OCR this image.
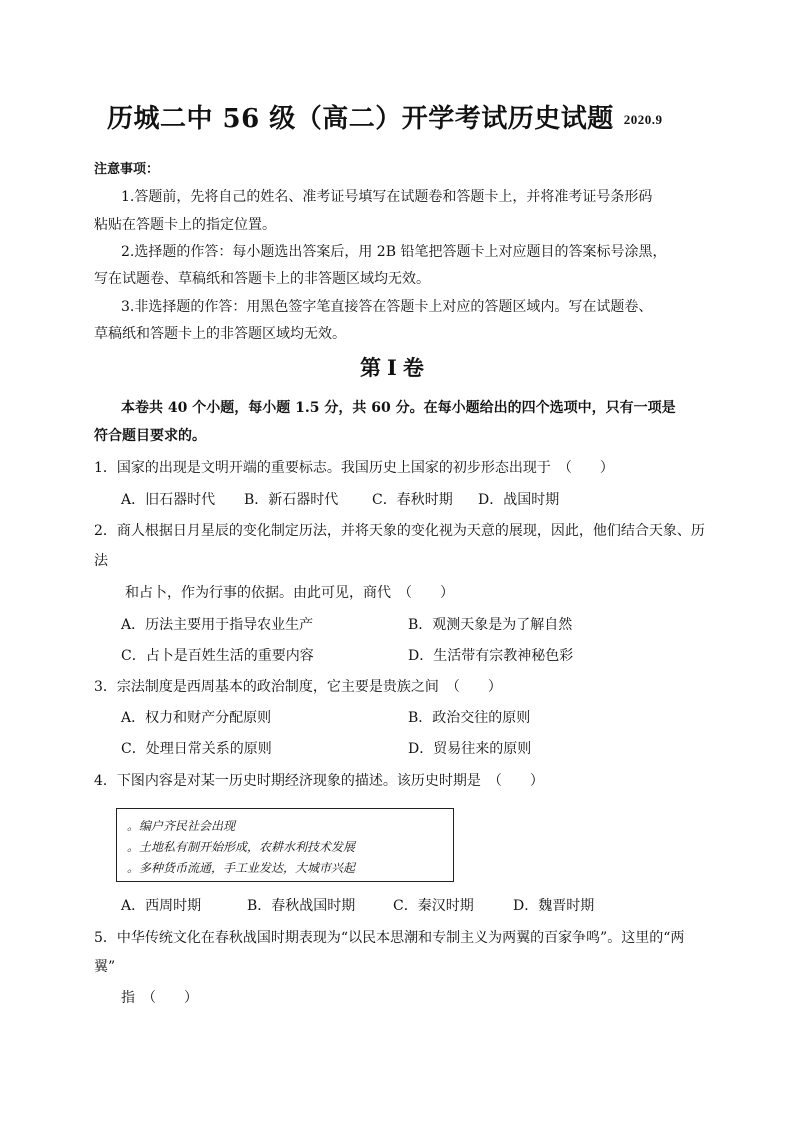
历城二中 56 级（高二）开学考试历史试题 2020.9
注意事项：
1.答题前，先将自己的姓名、准考证号填写在试题卷和答题卡上，并将准考证号条形码
粘贴在答题卡上的指定位置。
2.选择题的作答：每小题选出答案后，用 2B 铅笔把答题卡上对应题目的答案标号涂黑，
写在试题卷、草稿纸和答题卡上的非答题区域均无效。
3.非选择题的作答：用黑色签字笔直接答在答题卡上对应的答题区域内。写在试题卷、
草稿纸和答题卡上的非答题区域均无效。
第Ⅰ卷
本卷共 40 个小题，每小题 1.5 分，共 60 分。在每小题给出的四个选项中，只有一项是
符合题目要求的。
1．国家的出现是文明开端的重要标志。我国历史上国家的初步形态出现于　（　　）
A．旧石器时代 B．新石器时代 C．春秋时期 D．战国时期
2．商人根据日月星辰的变化制定历法，并将天象的变化视为天意的展现，因此，他们结合天象、历
法
和占卜，作为行事的依据。由此可见，商代　（　　）
A．历法主要用于指导农业生产	B．观测天象是为了解自然
C．占卜是百姓生活的重要内容	D．生活带有宗教神秘色彩
3．宗法制度是西周基本的政治制度，它主要是贵族之间　（　　）
A．权力和财产分配原则	B．政治交往的原则
C．处理日常关系的原则	D．贸易往来的原则
4．下图内容是对某一历史时期经济现象的描述。该历史时期是　（　　）
。编户齐民社会出现
。土地私有制开始形成，农耕水利技术发展
。多种货币流通，手工业发达，大城市兴起
A．西周时期	B．春秋战国时期	C．秦汉时期	D．魏晋时期
5．中华传统文化在春秋战国时期表现为“以民本思潮和专制主义为两翼的百家争鸣”。这里的“两
翼”
指　（　　）
